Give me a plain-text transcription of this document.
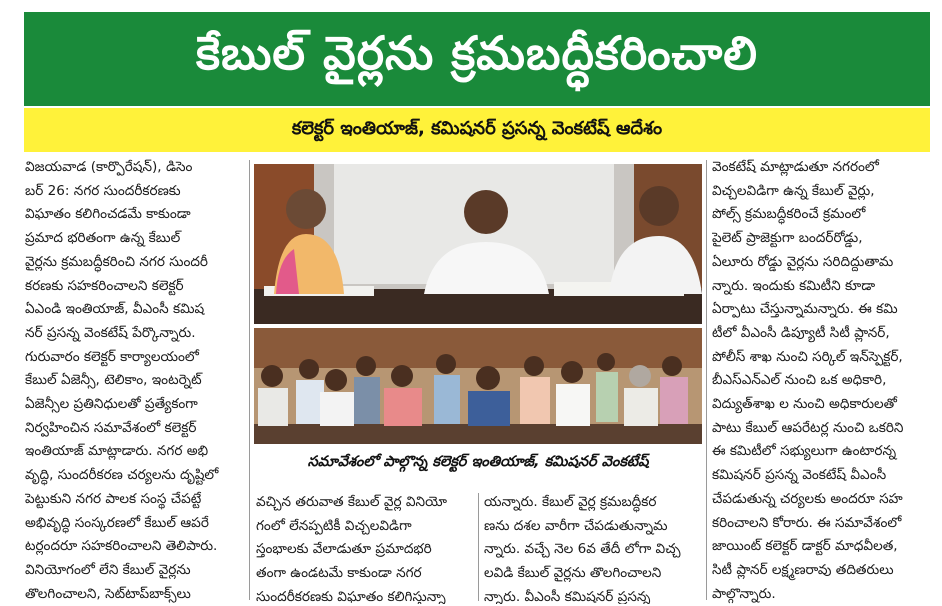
కేబుల్ వైర్లను క్రమబద్ధీకరించాలి
కలెక్టర్ ఇంతియాజ్, కమిషనర్ ప్రసన్న వెంకటేష్ ఆదేశం
విజయవాడ (కార్పొరేషన్), డిసెం
బర్ 26: నగర సుందరీకరణకు
విఘాతం కలిగించడమే కాకుండా
ప్రమాద భరితంగా ఉన్న కేబుల్
వైర్లను క్రమబద్ధీకరించి నగర సుందరీ
కరణకు సహకరించాలని కలెక్టర్
ఏఎండి ఇంతియాజ్, వీఎంసీ కమిష
నర్ ప్రసన్న వెంకటేష్ పేర్కొన్నారు.
గురువారం కలెక్టర్ కార్యాలయంలో
కేబుల్ ఏజెన్సీ, టెలికాం, ఇంటర్నెట్
ఏజెన్సీల ప్రతినిధులతో ప్రత్యేకంగా
నిర్వహించిన సమావేశంలో కలెక్టర్
ఇంతియాజ్ మాట్లాడారు. నగర అభి
వృద్ధి, సుందరీకరణ చర్యలను దృష్టిలో
పెట్టుకుని నగర పాలక సంస్థ చేపట్టే
అభివృద్ధి సంస్కరణలో కేబుల్ ఆపరే
టర్లందరూ సహకరించాలని తెలిపారు.
వినియోగంలో లేని కేబుల్ వైర్లను
తొలగించాలని, సెట్‌టాప్‌బాక్స్‌లు
సమావేశంలో పాల్గొన్న కలెక్టర్ ఇంతియాజ్, కమిషనర్ వెంకటేష్
వచ్చిన తరువాత కేబుల్ వైర్ల వినియో
గంలో లేనప్పటికీ విచ్చలవిడిగా
స్తంభాలకు వేలాడుతూ ప్రమాదభరి
తంగా ఉండటమే కాకుండా నగర
సుందరీకరణకు విఘాతం కలిగిస్తున్నా
యన్నారు. కేబుల్ వైర్ల క్రమబద్ధీకర
ణను దశల వారీగా చేపడుతున్నామ
న్నారు. వచ్చే నెల 6వ తేదీ లోగా విచ్చ
లవిడి కేబుల్ వైర్లను తొలగించాలని
న్నారు. వీఎంసీ కమిషనర్ ప్రసన్న
వెంకటేష్ మాట్లాడుతూ నగరంలో
విచ్చలవిడిగా ఉన్న కేబుల్ వైర్లు,
పోల్స్ క్రమబద్ధీకరించే క్రమంలో
పైలెట్ ప్రాజెక్టుగా బందర్‌రోడ్డు,
ఏలూరు రోడ్డు వైర్లను సరిదిద్దుతామ
న్నారు. ఇందుకు కమిటీని కూడా
ఏర్పాటు చేస్తున్నామన్నారు. ఈ కమి
టీలో వీఎంసీ డిప్యూటీ సిటీ ప్లానర్,
పోలీస్ శాఖ నుంచి సర్కిల్ ఇన్‌స్పెక్టర్,
బీఎస్ఎన్ఎల్ నుంచి ఒక అధికారి,
విద్యుత్‌శాఖ ల నుంచి అధికారులతో
పాటు కేబుల్ ఆపరేటర్ల నుంచి ఒకరిని
ఈ కమిటీలో సభ్యులుగా ఉంటారన్న
కమిషనర్ ప్రసన్న వెంకటేష్ వీఎంసీ
చేపడుతున్న చర్యలకు అందరూ సహ
కరించాలని కోరారు. ఈ సమావేశంలో
జాయింట్ కలెక్టర్ డాక్టర్ మాధవీలత,
సిటీ ప్లానర్ లక్ష్మణరావు తదితరులు
పాల్గొన్నారు.
